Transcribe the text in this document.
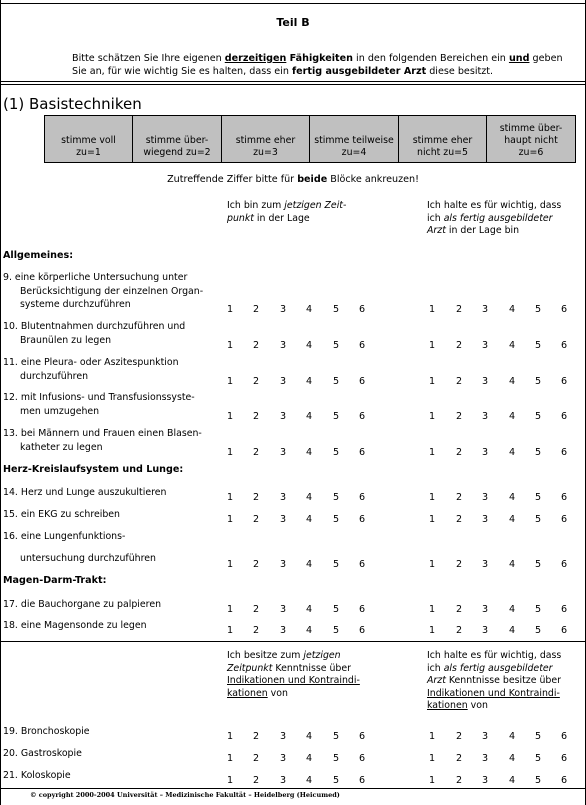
Teil B
Bitte schätzen Sie Ihre eigenen derzeitigen Fähigkeiten in den folgenden Bereichen ein und geben
Sie an, für wie wichtig Sie es halten, dass ein fertig ausgebildeter Arzt diese besitzt.
(1) Basistechniken
stimme voll
zu=1
stimme über-
wiegend zu=2
stimme eher
zu=3
stimme teilweise
zu=4
stimme eher
nicht zu=5
stimme über-
haupt nicht
zu=6
Zutreffende Ziffer bitte für beide Blöcke ankreuzen!
Ich bin zum jetzigen Zeit-
punkt in der Lage
Ich halte es für wichtig, dass
ich als fertig ausgebildeter
Arzt in der Lage bin
Allgemeines:
Herz-Kreislaufsystem und Lunge:
Magen-Darm-Trakt:
Ich besitze zum jetzigen
Zeitpunkt Kenntnisse über
Indikationen und Kontraindi-
kationen von
Ich halte es für wichtig, dass
ich als fertig ausgebildeter
Arzt Kenntnisse besitze über
Indikationen und Kontraindi-
kationen von
9. eine körperliche Untersuchung unter
Berücksichtigung der einzelnen Organ-
systeme durchzuführen	1 2 3 4 5 6	1 2 3 4 5 6
10. Blutentnahmen durchzuführen und
Braunülen zu legen	1 2 3 4 5 6	1 2 3 4 5 6
11. eine Pleura- oder Aszitespunktion
durchzuführen	1 2 3 4 5 6	1 2 3 4 5 6
12. mit Infusions- und Transfusionssyste-
men umzugehen	1 2 3 4 5 6	1 2 3 4 5 6
13. bei Männern und Frauen einen Blasen-
katheter zu legen	1 2 3 4 5 6	1 2 3 4 5 6
14. Herz und Lunge auszukultieren	1 2 3 4 5 6	1 2 3 4 5 6
15. ein EKG zu schreiben	1 2 3 4 5 6	1 2 3 4 5 6
16. eine Lungenfunktions-
untersuchung durchzuführen
1 2 3 4 5 6	1 2 3 4 5 6
17. die Bauchorgane zu palpieren	1 2 3 4 5 6	1 2 3 4 5 6
18. eine Magensonde zu legen	1 2 3 4 5 6	1 2 3 4 5 6
19. Bronchoskopie	1 2 3 4 5 6	1 2 3 4 5 6
20. Gastroskopie	1 2 3 4 5 6	1 2 3 4 5 6
21. Koloskopie	1 2 3 4 5 6	1 2 3 4 5 6
© copyright 2000-2004 Universität – Medizinische Fakultät – Heidelberg (Heicumed)
